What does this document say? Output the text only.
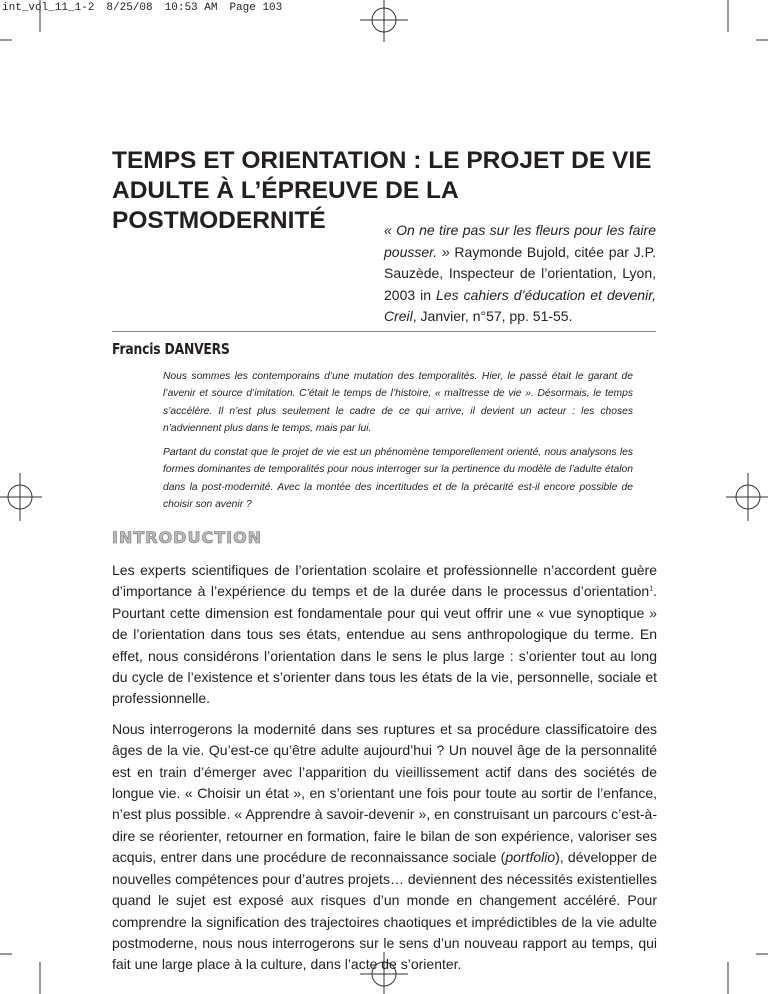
int_vol_11_1-2 8/25/08 10:53 AM Page 103
TEMPS ET ORIENTATION : LE PROJET DE VIE
ADULTE À L’ÉPREUVE DE LA POSTMODERNITÉ	« On ne tire pas sur les fleurs pour les faire pousser. » Raymonde Bujold, citée par J.P. Sauzède, Inspecteur de l’orientation, Lyon, 2003 in Les cahiers d’éducation et devenir, Creil, Janvier, n°57, pp. 51-55.
Francis DANVERS

Nous sommes les contemporains d’une mutation des temporalités. Hier, le passé était le garant de l’avenir et source d’imitation. C’était le temps de l’histoire, « maîtresse de vie ». Désormais, le temps s’accélère. Il n’est plus seulement le cadre de ce qui arrive, il devient un acteur : les choses n’adviennent plus dans le temps, mais par lui.

Partant du constat que le projet de vie est un phénomène temporellement orienté, nous analysons les formes dominantes de temporalités pour nous interroger sur la pertinence du modèle de l’adulte étalon dans la post-modernité. Avec la montée des incertitudes et de la précarité est-il encore possible de choisir son avenir ?

INTRODUCTION

Les experts scientifiques de l’orientation scolaire et professionnelle n’accordent guère d’importance à l’expérience du temps et de la durée dans le processus d’orientation$^1$. Pourtant cette dimension est fondamentale pour qui veut offrir une « vue synoptique » de l’orientation dans tous ses états, entendue au sens anthropologique du terme. En effet, nous considérons l’orientation dans le sens le plus large : s’orienter tout au long du cycle de l’existence et s’orienter dans tous les états de la vie, personnelle, sociale et professionnelle.

Nous interrogerons la modernité dans ses ruptures et sa procédure classificatoire des âges de la vie. Qu’est-ce qu’être adulte aujourd’hui ? Un nouvel âge de la personnalité est en train d’émerger avec l’apparition du vieillissement actif dans des sociétés de longue vie. « Choisir un état », en s’orientant une fois pour toute au sortir de l’enfance, n’est plus possible. « Apprendre à savoir-devenir », en construisant un parcours c’est-à-dire se réorienter, retourner en formation, faire le bilan de son expérience, valoriser ses acquis, entrer dans une procédure de reconnaissance sociale (portfolio), développer de nouvelles compétences pour d’autres projets… deviennent des nécessités existentielles quand le sujet est exposé aux risques d’un monde en changement accéléré. Pour comprendre la signification des trajectoires chaotiques et imprédictibles de la vie adulte postmoderne, nous nous interrogerons sur le sens d’un nouveau rapport au temps, qui fait une large place à la culture, dans l’acte de s’orienter.
